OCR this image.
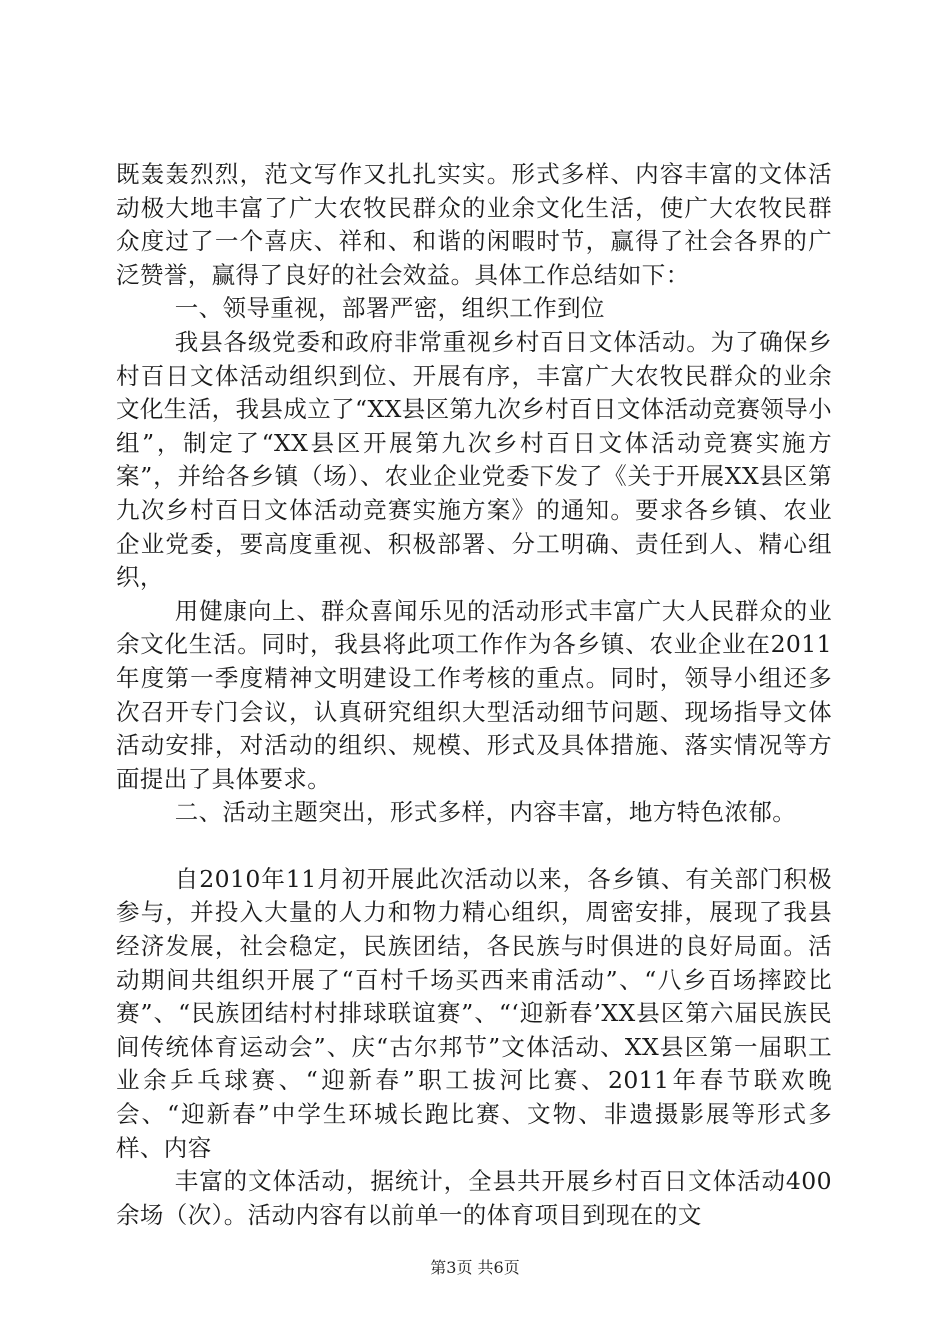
既轰轰烈烈，范文写作又扎扎实实。形式多样、内容丰富的文体活动极大地丰富了广大农牧民群众的业余文化生活，使广大农牧民群众度过了一个喜庆、祥和、和谐的闲暇时节，赢得了社会各界的广泛赞誉，赢得了良好的社会效益。具体工作总结如下：

一、领导重视，部署严密，组织工作到位

我县各级党委和政府非常重视乡村百日文体活动。为了确保乡村百日文体活动组织到位、开展有序，丰富广大农牧民群众的业余文化生活，我县成立了“XX县区第九次乡村百日文体活动竞赛领导小组”，制定了“XX县区开展第九次乡村百日文体活动竞赛实施方案”，并给各乡镇（场）、农业企业党委下发了《关于开展XX县区第九次乡村百日文体活动竞赛实施方案》的通知。要求各乡镇、农业企业党委，要高度重视、积极部署、分工明确、责任到人、精心组织，

用健康向上、群众喜闻乐见的活动形式丰富广大人民群众的业余文化生活。同时，我县将此项工作作为各乡镇、农业企业在2011年度第一季度精神文明建设工作考核的重点。同时，领导小组还多次召开专门会议，认真研究组织大型活动细节问题、现场指导文体活动安排，对活动的组织、规模、形式及具体措施、落实情况等方面提出了具体要求。

二、活动主题突出，形式多样，内容丰富，地方特色浓郁。

自2010年11月初开展此次活动以来，各乡镇、有关部门积极参与，并投入大量的人力和物力精心组织，周密安排，展现了我县经济发展，社会稳定，民族团结，各民族与时俱进的良好局面。活动期间共组织开展了“百村千场买西来甫活动”、“八乡百场摔跤比赛”、“民族团结村村排球联谊赛”、“‘迎新春’XX县区第六届民族民间传统体育运动会”、庆“古尔邦节”文体活动、XX县区第一届职工业余乒乓球赛、“迎新春”职工拔河比赛、2011年春节联欢晚会、“迎新春”中学生环城长跑比赛、文物、非遗摄影展等形式多样、内容

丰富的文体活动，据统计，全县共开展乡村百日文体活动400余场（次）。活动内容有以前单一的体育项目到现在的文

第3页 共6页
